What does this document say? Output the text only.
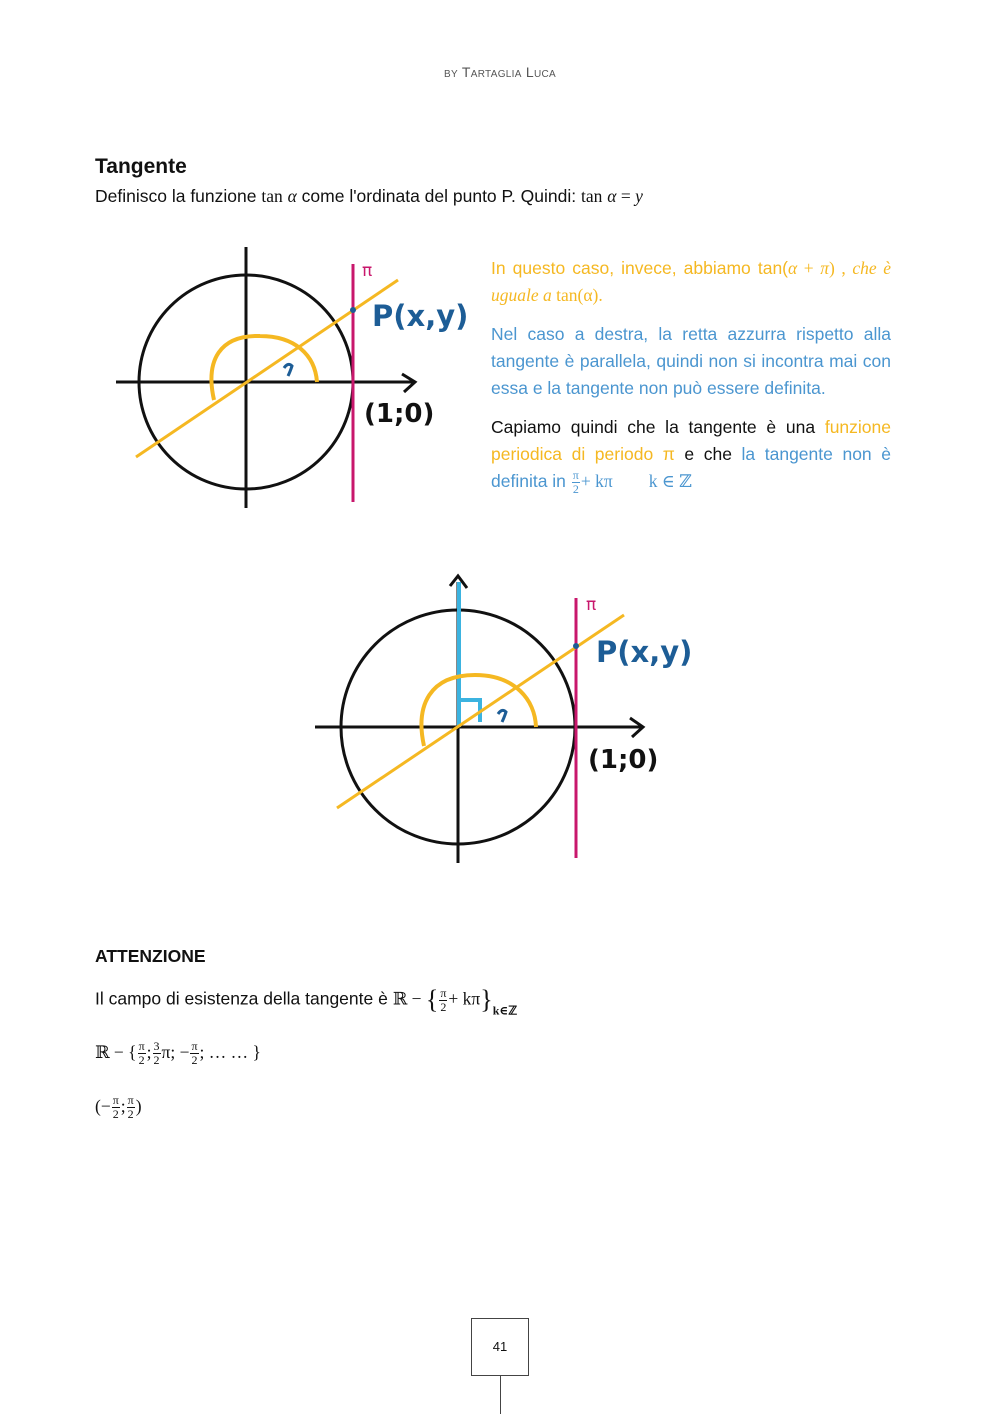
by Tartaglia Luca
Tangente
Definisco la funzione tan α come l'ordinata del punto P. Quindi: tan α = y
π
P(x,y)
(1;0)

In questo caso, invece, abbiamo tan(α + π) , che è uguale a tan(α).

Nel caso a destra, la retta azzurra rispetto alla tangente è parallela, quindi non si incontra mai con essa e la tangente non può essere definita.

Capiamo quindi che la tangente è una funzione periodica di periodo π e che la tangente non è definita in $\frac{\pi}{2} + k\pi$ k ∈ ℤ

π
P(x,y)
(1;0)
ATTENZIONE
Il campo di esistenza della tangente è ℝ − { $\frac{\pi}{2} + k\pi\}_{k\in ℤ}$
ℝ − { $\frac{\pi}{2}$ ; $\frac{3}{2} \pi$; − $\frac{\pi}{2}$ ; … … }
(− $\frac{\pi}{2}$ ; $\frac{\pi}{2}$ )
41
